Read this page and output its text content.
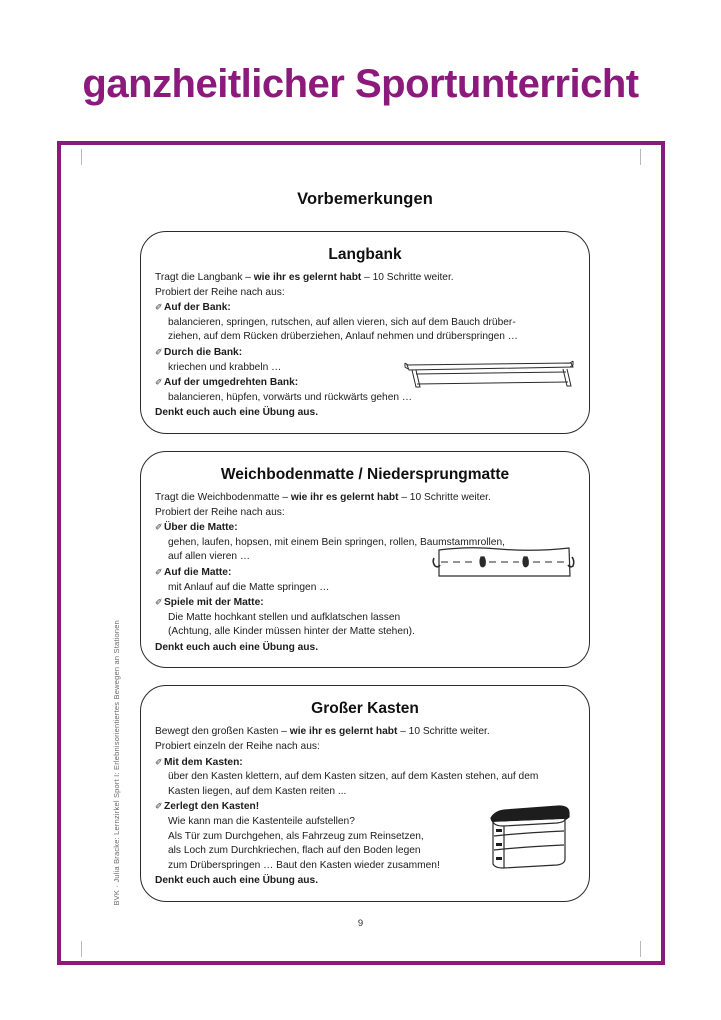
ganzheitlicher Sportunterricht
BVK · Julia Bracke: Lernzirkel Sport I: Erlebnisorientiertes Bewegen an Stationen
Vorbemerkungen
Langbank
Tragt die Langbank – wie ihr es gelernt habt – 10 Schritte weiter.
Probiert der Reihe nach aus:
✐Auf der Bank:
balancieren, springen, rutschen, auf allen vieren, sich auf dem Bauch drüber-
ziehen, auf dem Rücken drüberziehen, Anlauf nehmen und drüberspringen …
✐Durch die Bank:
kriechen und krabbeln …
✐Auf der umgedrehten Bank:
balancieren, hüpfen, vorwärts und rückwärts gehen …
Denkt euch auch eine Übung aus.
Weichbodenmatte / Niedersprungmatte
Tragt die Weichbodenmatte – wie ihr es gelernt habt – 10 Schritte weiter.
Probiert der Reihe nach aus:
✐Über die Matte:
gehen, laufen, hopsen, mit einem Bein springen, rollen, Baumstammrollen,
auf allen vieren …
✐Auf die Matte:
mit Anlauf auf die Matte springen …
✐Spiele mit der Matte:
Die Matte hochkant stellen und aufklatschen lassen
(Achtung, alle Kinder müssen hinter der Matte stehen).
Denkt euch auch eine Übung aus.
Großer Kasten
Bewegt den großen Kasten – wie ihr es gelernt habt – 10 Schritte weiter.
Probiert einzeln der Reihe nach aus:
✐Mit dem Kasten:
über den Kasten klettern, auf dem Kasten sitzen, auf dem Kasten stehen, auf dem
Kasten liegen, auf dem Kasten reiten ...
✐Zerlegt den Kasten!
Wie kann man die Kastenteile aufstellen?
Als Tür zum Durchgehen, als Fahrzeug zum Reinsetzen,
als Loch zum Durchkriechen, flach auf den Boden legen
zum Drüberspringen … Baut den Kasten wieder zusammen!
Denkt euch auch eine Übung aus.
9
